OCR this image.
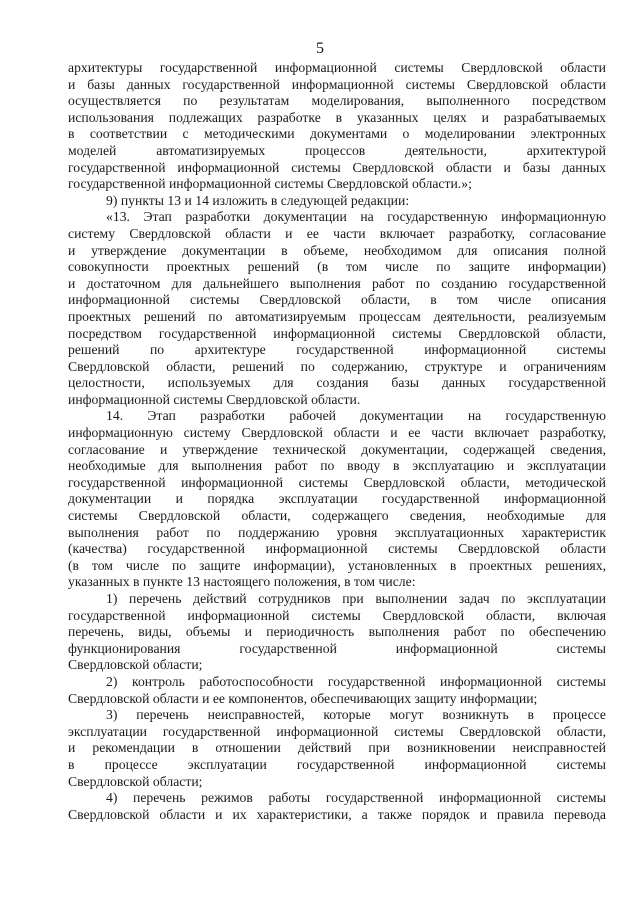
5
архитектуры государственной информационной системы Свердловской области
и базы данных государственной информационной системы Свердловской области
осуществляется по результатам моделирования, выполненного посредством
использования подлежащих разработке в указанных целях и разрабатываемых
в соответствии с методическими документами о моделировании электронных
моделей автоматизируемых процессов деятельности, архитектурой
государственной информационной системы Свердловской области и базы данных
государственной информационной системы Свердловской области.»;
9) пункты 13 и 14 изложить в следующей редакции:
«13. Этап разработки документации на государственную информационную
систему Свердловской области и ее части включает разработку, согласование
и утверждение документации в объеме, необходимом для описания полной
совокупности проектных решений (в том числе по защите информации)
и достаточном для дальнейшего выполнения работ по созданию государственной
информационной системы Свердловской области, в том числе описания
проектных решений по автоматизируемым процессам деятельности, реализуемым
посредством государственной информационной системы Свердловской области,
решений по архитектуре государственной информационной системы
Свердловской области, решений по содержанию, структуре и ограничениям
целостности, используемых для создания базы данных государственной
информационной системы Свердловской области.
14. Этап разработки рабочей документации на государственную
информационную систему Свердловской области и ее части включает разработку,
согласование и утверждение технической документации, содержащей сведения,
необходимые для выполнения работ по вводу в эксплуатацию и эксплуатации
государственной информационной системы Свердловской области, методической
документации и порядка эксплуатации государственной информационной
системы Свердловской области, содержащего сведения, необходимые для
выполнения работ по поддержанию уровня эксплуатационных характеристик
(качества) государственной информационной системы Свердловской области
(в том числе по защите информации), установленных в проектных решениях,
указанных в пункте 13 настоящего положения, в том числе:
1) перечень действий сотрудников при выполнении задач по эксплуатации
государственной информационной системы Свердловской области, включая
перечень, виды, объемы и периодичность выполнения работ по обеспечению
функционирования государственной информационной системы
Свердловской области;
2) контроль работоспособности государственной информационной системы
Свердловской области и ее компонентов, обеспечивающих защиту информации;
3) перечень неисправностей, которые могут возникнуть в процессе
эксплуатации государственной информационной системы Свердловской области,
и рекомендации в отношении действий при возникновении неисправностей
в процессе эксплуатации государственной информационной системы
Свердловской области;
4) перечень режимов работы государственной информационной системы
Свердловской области и их характеристики, а также порядок и правила перевода
